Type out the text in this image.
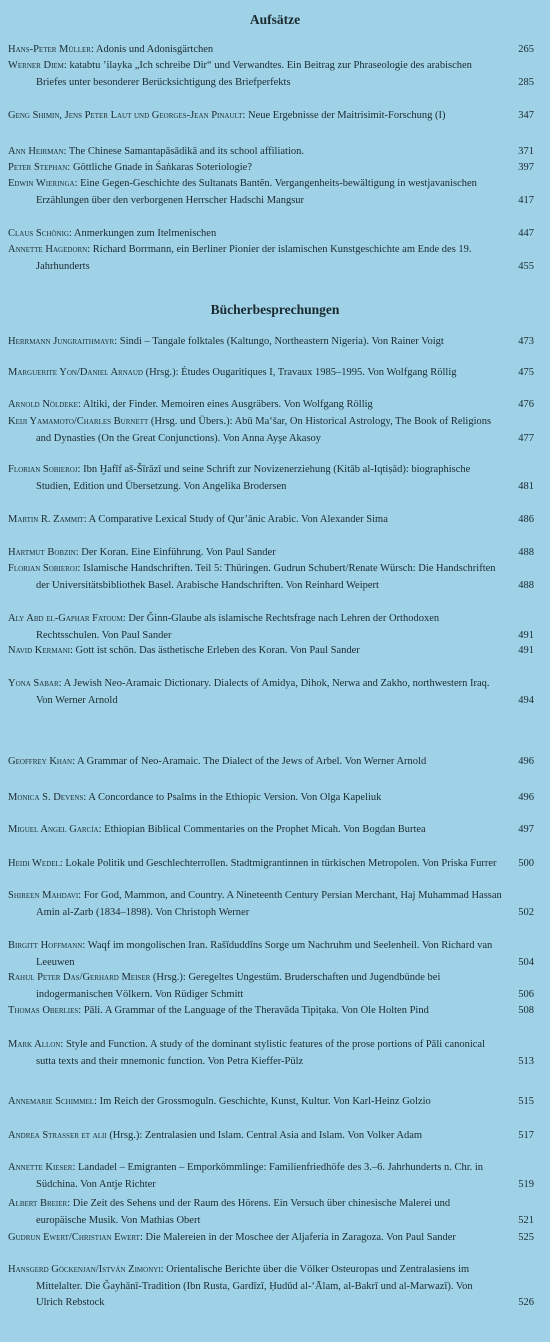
Aufsätze
Bücherbesprechungen
Hans-Peter Müller: Adonis und Adonisgärtchen	265
Werner Diem: katabtu ’ilayka „Ich schreibe Dir“ und Verwandtes. Ein Beitrag zur Phraseologie des arabischen Briefes unter besonderer Berücksichtigung des Briefperfekts	285
Geng Shimin, Jens Peter Laut und Georges-Jean Pinault: Neue Ergebnisse der Maitrisimit-Forschung (I)	347
Ann Heirman: The Chinese Samantapāsādikā and its school affiliation.	371
Peter Stephan: Göttliche Gnade in Śaṅkaras Soteriologie?	397
Edwin Wieringa: Eine Gegen-Geschichte des Sultanats Bantĕn. Vergangenheits-bewältigung in westjavanischen Erzählungen über den verborgenen Herrscher Hadschi Mangsur	417
Claus Schönig: Anmerkungen zum Itelmenischen	447
Annette Hagedorn: Richard Borrmann, ein Berliner Pionier der islamischen Kunstgeschichte am Ende des 19. Jahrhunderts	455
Herrmann Jungraithmayr: Sindi – Tangale folktales (Kaltungo, Northeastern Nigeria). Von Rainer Voigt	473
Marguerite Yon/Daniel Arnaud (Hrsg.): Études Ougaritiques I, Travaux 1985–1995. Von Wolfgang Röllig	475
Arnold Nöldeke: Altiki, der Finder. Memoiren eines Ausgräbers. Von Wolfgang Röllig	476
Keiji Yamamoto/Charles Burnett (Hrsg. und Übers.): Abū Ma‘šar, On Historical Astrology, The Book of Religions and Dynasties (On the Great Conjunctions). Von Anna Ayşe Akasoy	477
Florian Sobieroj: Ibn Ḫafīf aš-Šīrāzī und seine Schrift zur Novizenerziehung (Kitāb al-Iqtiṣād): biographische Studien, Edition und Übersetzung. Von Angelika Brodersen	481
Martin R. Zammit: A Comparative Lexical Study of Qur’ānic Arabic. Von Alexander Sima	486
Hartmut Bobzin: Der Koran. Eine Einführung. Von Paul Sander	488
Florian Sobieroj: Islamische Handschriften. Teil 5: Thüringen. Gudrun Schubert/Renate Würsch: Die Handschriften der Universitätsbibliothek Basel. Arabische Handschriften. Von Reinhard Weipert	488
Aly Abd el-Gaphar Fatoum: Der Ǧinn-Glaube als islamische Rechtsfrage nach Lehren der Orthodoxen Rechtsschulen. Von Paul Sander	491
Navid Kermani: Gott ist schön. Das ästhetische Erleben des Koran. Von Paul Sander	491
Yona Sabar: A Jewish Neo-Aramaic Dictionary. Dialects of Amidya, Dihok, Nerwa and Zakho, northwestern Iraq. Von Werner Arnold	494
Geoffrey Khan: A Grammar of Neo-Aramaic. The Dialect of the Jews of Arbel. Von Werner Arnold	496
Monica S. Devens: A Concordance to Psalms in the Ethiopic Version. Von Olga Kapeliuk	496
Miguel Angel García: Ethiopian Biblical Commentaries on the Prophet Micah. Von Bogdan Burtea	497
Heidi Wedel: Lokale Politik und Geschlechterrollen. Stadtmigrantinnen in türkischen Metropolen. Von Priska Furrer	500
Shireen Mahdavi: For God, Mammon, and Country. A Nineteenth Century Persian Merchant, Haj Muhammad Hassan Amin al-Zarb (1834–1898). Von Christoph Werner	502
Birgitt Hoffmann: Waqf im mongolischen Iran. Rašīduddīns Sorge um Nachruhm und Seelenheil. Von Richard van Leeuwen	504
Rahul Peter Das/Gerhard Meiser (Hrsg.): Geregeltes Ungestüm. Bruderschaften und Jugendbünde bei indogermanischen Völkern. Von Rüdiger Schmitt	506
Thomas Oberlies: Pāli. A Grammar of the Language of the Theravāda Tipiṭaka. Von Ole Holten Pind	508
Mark Allon: Style and Function. A study of the dominant stylistic features of the prose portions of Pāli canonical sutta texts and their mnemonic function. Von Petra Kieffer-Pülz	513
Annemarie Schimmel: Im Reich der Grossmoguln. Geschichte, Kunst, Kultur. Von Karl-Heinz Golzio	515
Andrea Strasser et alii (Hrsg.): Zentralasien und Islam. Central Asia and Islam. Von Volker Adam	517
Annette Kieser: Landadel – Emigranten – Emporkömmlinge: Familienfriedhöfe des 3.–6. Jahrhunderts n. Chr. in Südchina. Von Antje Richter	519
Albert Breier: Die Zeit des Sehens und der Raum des Hörens. Ein Versuch über chinesische Malerei und europäische Musik. Von Mathias Obert	521
Gudrun Ewert/Christian Ewert: Die Malereien in der Moschee der Aljafería in Zaragoza. Von Paul Sander	525
Hansgerd Göckenjan/István Zimonyi: Orientalische Berichte über die Völker Osteuropas und Zentralasiens im Mittelalter. Die Ǧayhānī-Tradition (Ibn Rusta, Gardīzī, Ḥudūd al-‘Ālam, al-Bakrī und al-Marwazī). Von Ulrich Rebstock	526
